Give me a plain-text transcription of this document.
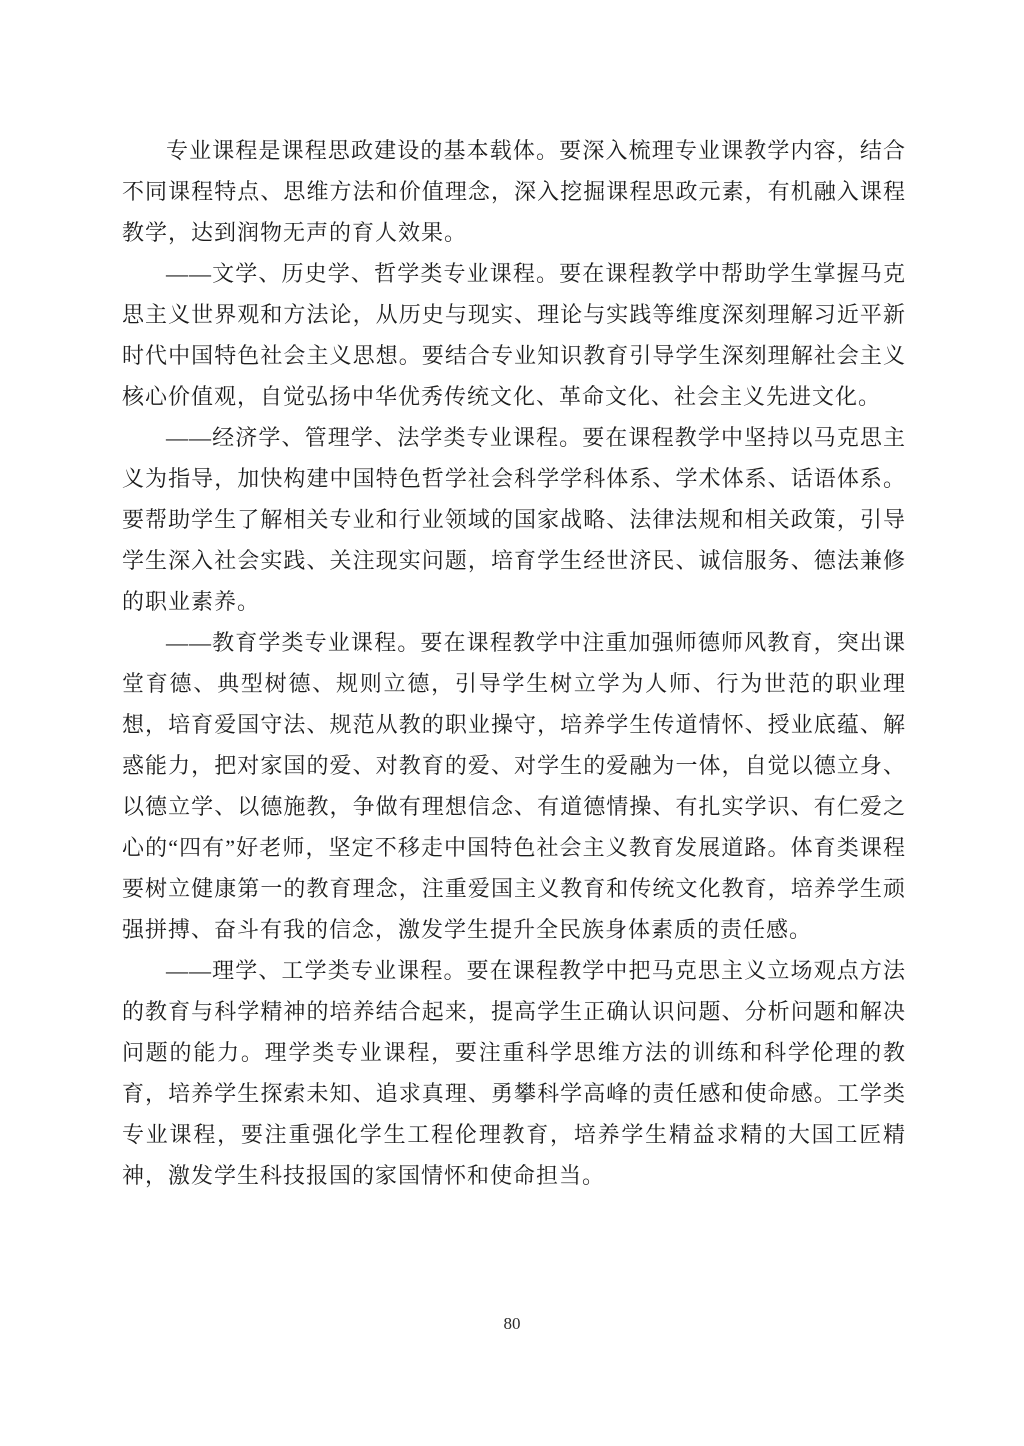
专业课程是课程思政建设的基本载体。要深入梳理专业课教学内容，结合不同课程特点、思维方法和价值理念，深入挖掘课程思政元素，有机融入课程教学，达到润物无声的育人效果。

——文学、历史学、哲学类专业课程。要在课程教学中帮助学生掌握马克思主义世界观和方法论，从历史与现实、理论与实践等维度深刻理解习近平新时代中国特色社会主义思想。要结合专业知识教育引导学生深刻理解社会主义核心价值观，自觉弘扬中华优秀传统文化、革命文化、社会主义先进文化。

——经济学、管理学、法学类专业课程。要在课程教学中坚持以马克思主义为指导，加快构建中国特色哲学社会科学学科体系、学术体系、话语体系。要帮助学生了解相关专业和行业领域的国家战略、法律法规和相关政策，引导学生深入社会实践、关注现实问题，培育学生经世济民、诚信服务、德法兼修的职业素养。

——教育学类专业课程。要在课程教学中注重加强师德师风教育，突出课堂育德、典型树德、规则立德，引导学生树立学为人师、行为世范的职业理想，培育爱国守法、规范从教的职业操守，培养学生传道情怀、授业底蕴、解惑能力，把对家国的爱、对教育的爱、对学生的爱融为一体，自觉以德立身、以德立学、以德施教，争做有理想信念、有道德情操、有扎实学识、有仁爱之心的“四有”好老师，坚定不移走中国特色社会主义教育发展道路。体育类课程要树立健康第一的教育理念，注重爱国主义教育和传统文化教育，培养学生顽强拼搏、奋斗有我的信念，激发学生提升全民族身体素质的责任感。

——理学、工学类专业课程。要在课程教学中把马克思主义立场观点方法的教育与科学精神的培养结合起来，提高学生正确认识问题、分析问题和解决问题的能力。理学类专业课程，要注重科学思维方法的训练和科学伦理的教育，培养学生探索未知、追求真理、勇攀科学高峰的责任感和使命感。工学类专业课程，要注重强化学生工程伦理教育，培养学生精益求精的大国工匠精神，激发学生科技报国的家国情怀和使命担当。

80
